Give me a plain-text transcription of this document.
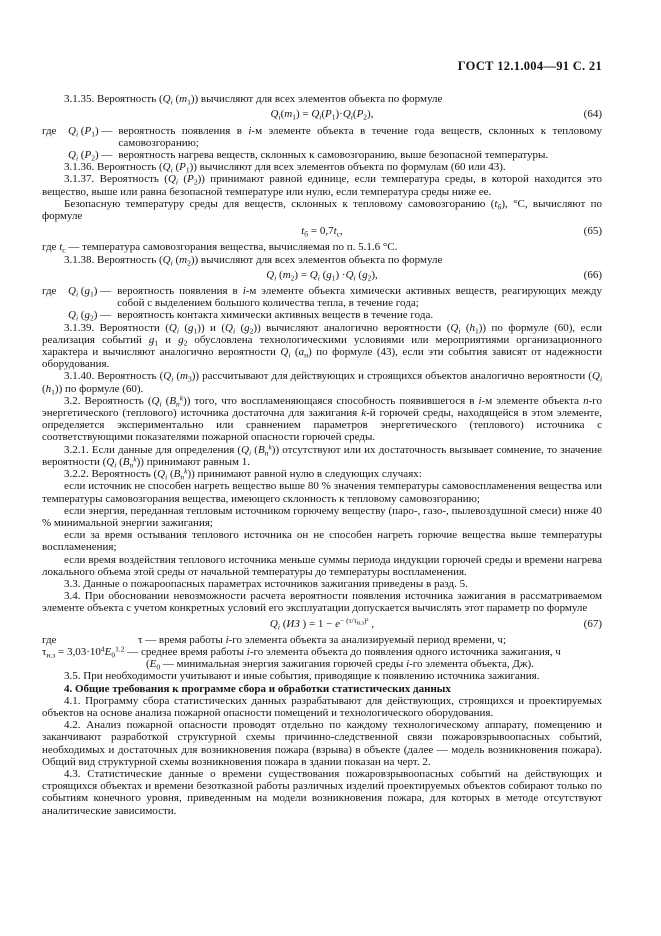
ГОСТ 12.1.004—91 С. 21

3.1.35. Вероятность ($Q_i$ $(m_1)$) вычисляют для всех элементов объекта по формуле

$Q_i(m_1) = Q_i(P_1)\cdot Q_i(P_2)$,	(64)
где	$Q_i$ $(P_1)$ — вероятность появления в i-м элементе объекта в течение года веществ, склонных к тепловому самовозгоранию;
$Q_i$ $(P_2)$ — вероятность нагрева веществ, склонных к самовозгоранию, выше безопасной температуры.

3.1.36. Вероятность ($Q_i$ $(P_1)$) вычисляют для всех элементов объекта по формулам (60 или 43).

3.1.37. Вероятность ($Q_i$ $(P_2)$) принимают равной единице, если температура среды, в которой находится это вещество, выше или равна безопасной температуре или нулю, если температура среды ниже ее.

Безопасную температуру среды для веществ, склонных к тепловому самовозгоранию $(t_б)$, °С, вычисляют по формуле

$t_б = 0,7t_с$,	(65)

где $t_с$ — температура самовозгорания вещества, вычисляемая по п. 5.1.6 °С.

3.1.38. Вероятность ($Q_i$ $(m_2)$) вычисляют для всех элементов объекта по формуле

$Q_i$ $(m_2) = Q_i$ $(g_1) \cdot Q_i$ $(g_2)$,	(66)
где	$Q_i$ $(g_1)$ — вероятность появления в i-м элементе объекта химически активных веществ, реагирующих между собой с выделением большого количества тепла, в течение года;
$Q_i$ $(g_2)$ — вероятность контакта химически активных веществ в течение года.

3.1.39. Вероятности ($Q_i$ $(g_1)$) и ($Q_i$ $(g_2)$) вычисляют аналогично вероятности ($Q_i$ $(h_1)$) по формуле (60), если реализация событий $g_1$ и $g_2$ обусловлена технологическими условиями или мероприятиями организационного характера и вычисляют аналогично вероятности $Q_i$ $(a_н)$ по формуле (43), если эти события зависят от надежности оборудования.

3.1.40. Вероятность ($Q_i$ $(m_3)$) рассчитывают для действующих и строящихся объектов аналогично вероятности ($Q_i$ $(h_1)$) по формуле (60).

3.2. Вероятность ($Q_i$ $(B_n^k)$) того, что воспламеняющаяся способность появившегося в i-м элементе объекта n-го энергетического (теплового) источника достаточна для зажигания k-й горючей среды, находящейся в этом элементе, определяется экспериментально или сравнением параметров энергетического (теплового) источника с соответствующими показателями пожарной опасности горючей среды.

3.2.1. Если данные для определения ($Q_i$ $(B_n^k)$) отсутствуют или их достаточность вызывает сомнение, то значение вероятности ($Q_i$ $(B_n^k)$) принимают равным 1.

3.2.2. Вероятность ($Q_i$ $(B_n^k)$) принимают равной нулю в следующих случаях:

если источник не способен нагреть вещество выше 80 % значения температуры самовоспламенения вещества или температуры самовозгорания вещества, имеющего склонность к тепловому самовозгоранию;

если энергия, переданная тепловым источником горючему веществу (паро-, газо-, пылевоздушной смеси) ниже 40 % минимальной энергии зажигания;

если за время остывания теплового источника он не способен нагреть горючие вещества выше температуры воспламенения;

если время воздействия теплового источника меньше суммы периода индукции горючей среды и времени нагрева локального объема этой среды от начальной температуры до температуры воспламенения.

3.3. Данные о пожароопасных параметрах источников зажигания приведены в разд. 5.

3.4. При обосновании невозможности расчета вероятности появления источника зажигания в рассматриваемом элементе объекта с учетом конкретных условий его эксплуатации допускается вычислять этот параметр по формуле

$Q_i$ (ИЗ ) = $1 - e^{- (\tau/\tau_{и.з})^2}$ ,	(67)

где	τ — время работы i-го элемента объекта за анализируемый период времени, ч;

$\tau_{и.з} = 3,03\cdot 10^4E_0^{1.2}$ — среднее время работы i-го элемента объекта до появления одного источника зажигания, ч

($E_0$ — минимальная энергия зажигания горючей среды i-го элемента объекта, Дж).

3.5. При необходимости учитывают и иные события, приводящие к появлению источника зажигания.

4. Общие требования к программе сбора и обработки статистических данных

4.1. Программу сбора статистических данных разрабатывают для действующих, строящихся и проектируемых объектов на основе анализа пожарной опасности помещений и технологического оборудования.

4.2. Анализ пожарной опасности проводят отдельно по каждому технологическому аппарату, помещению и заканчивают разработкой структурной схемы причинно-следственной связи пожаровзрывоопасных событий, необходимых и достаточных для возникновения пожара (взрыва) в объекте (далее — модель возникновения пожара). Общий вид структурной схемы возникновения пожара в здании показан на черт. 2.

4.3. Статистические данные о времени существования пожаровзрывоопасных событий на действующих и строящихся объектах и времени безотказной работы различных изделий проектируемых объектов собирают только по событиям конечного уровня, приведенным на модели возникновения пожара, для которых в методе отсутствуют аналитические зависимости.
